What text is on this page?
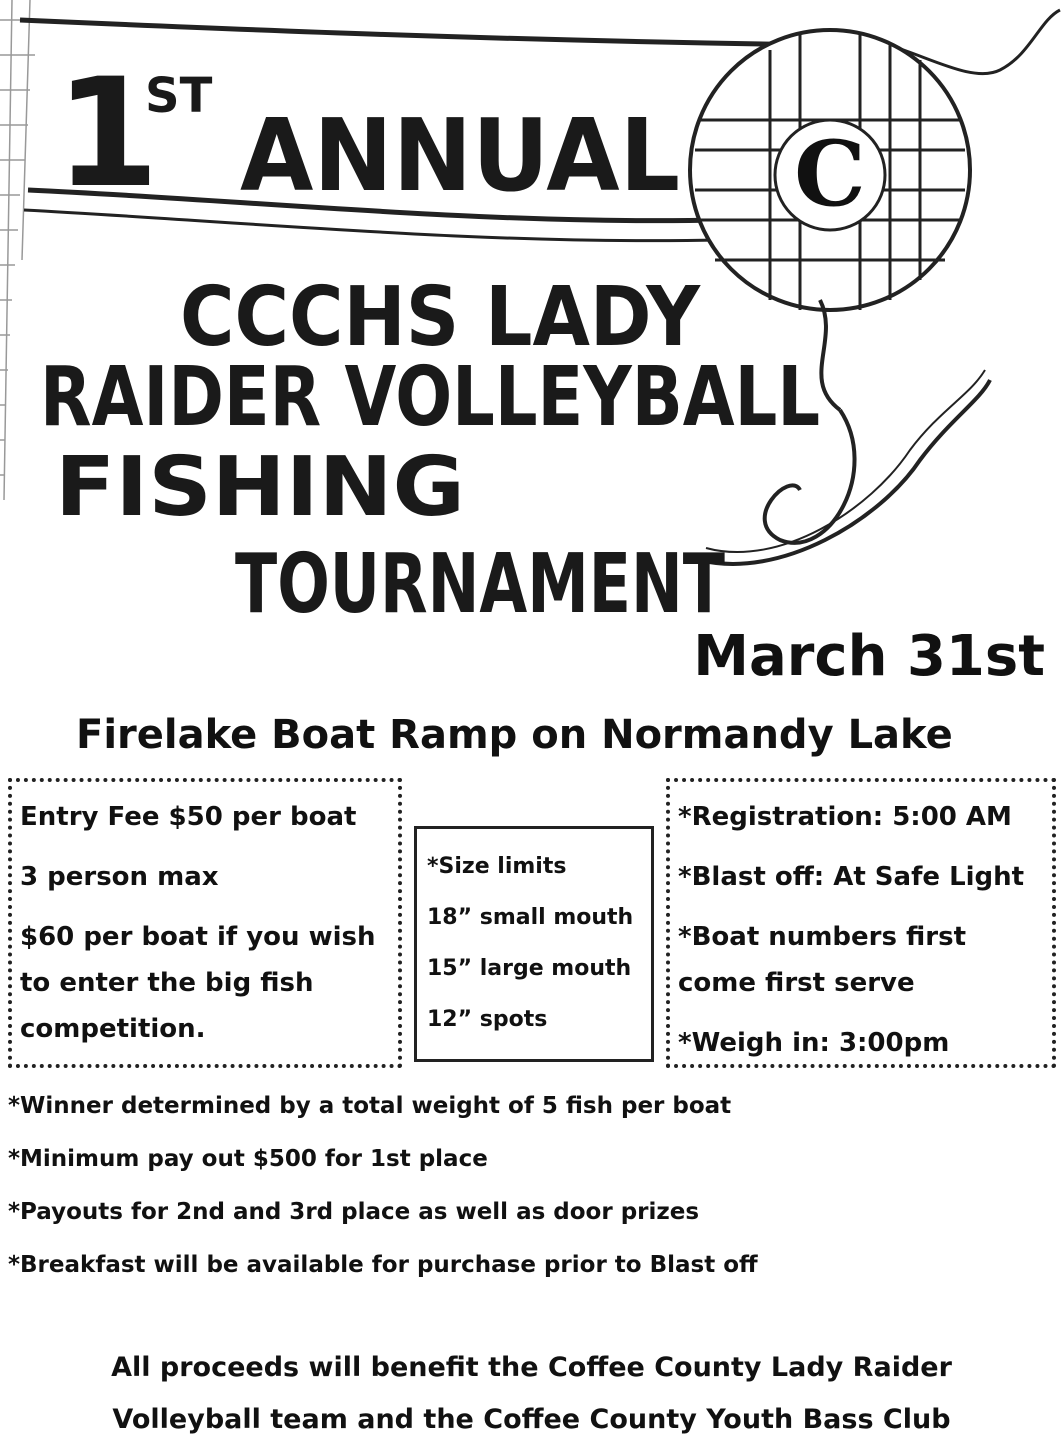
C
1
ST
ANNUAL
CCCHS LADY
RAIDER VOLLEYBALL
FISHING
TOURNAMENT
March 31st
Firelake Boat Ramp on Normandy Lake

Entry Fee $50 per boat

3 person max

$60 per boat if you wish

to enter the big fish

competition.

*Size limits

18” small mouth

15” large mouth

12” spots

*Registration: 5:00 AM

*Blast off: At Safe Light

*Boat numbers first

come first serve

*Weigh in: 3:00pm

*Winner determined by a total weight of 5 fish per boat
*Minimum pay out $500 for 1st place
*Payouts for 2nd and 3rd place as well as door prizes
*Breakfast will be available for purchase prior to Blast off
All proceeds will benefit the Coffee County Lady Raider
Volleyball team and the Coffee County Youth Bass Club
